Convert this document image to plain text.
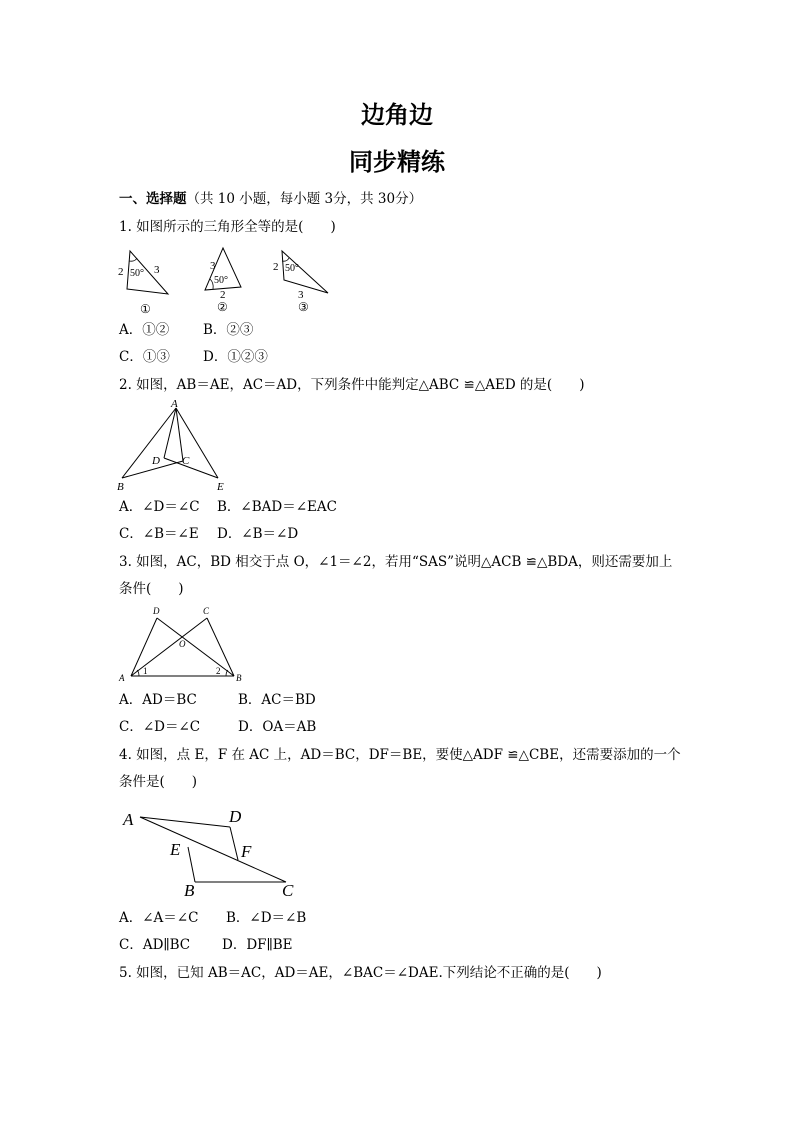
边角边
同步精练
一、选择题（共 10 小题，每小题 3分，共 30分）
1. 如图所示的三角形全等的是(　　)
2	3
50°
①
3
2
50°
②
2
3
50°
③
A．①②	B．②③
C．①③ D．①②③
2. 如图，AB＝AE，AC＝AD，下列条件中能判定△ABC ≌△AED 的是(　　)
A
B
C
D
E
A．∠D＝∠C B．∠BAD＝∠EAC
C．∠B＝∠E D．∠B＝∠D
3. 如图，AC，BD 相交于点 O，∠1＝∠2，若用“SAS”说明△ACB ≌△BDA，则还需要加上
条件(　　)
A	B
C
D
O
1	2
A．AD＝BC	B．AC＝BD
C．∠D＝∠C	D．OA＝AB
4. 如图，点 E，F 在 AC 上，AD＝BC，DF＝BE，要使△ADF ≌△CBE，还需要添加的一个
条件是(　　)
A
B	C
D
E	F
A．∠A＝∠C B．∠D＝∠B
C．AD∥BC D．DF∥BE
5. 如图，已知 AB＝AC，AD＝AE，∠BAC＝∠DAE.下列结论不正确的是(　　)
